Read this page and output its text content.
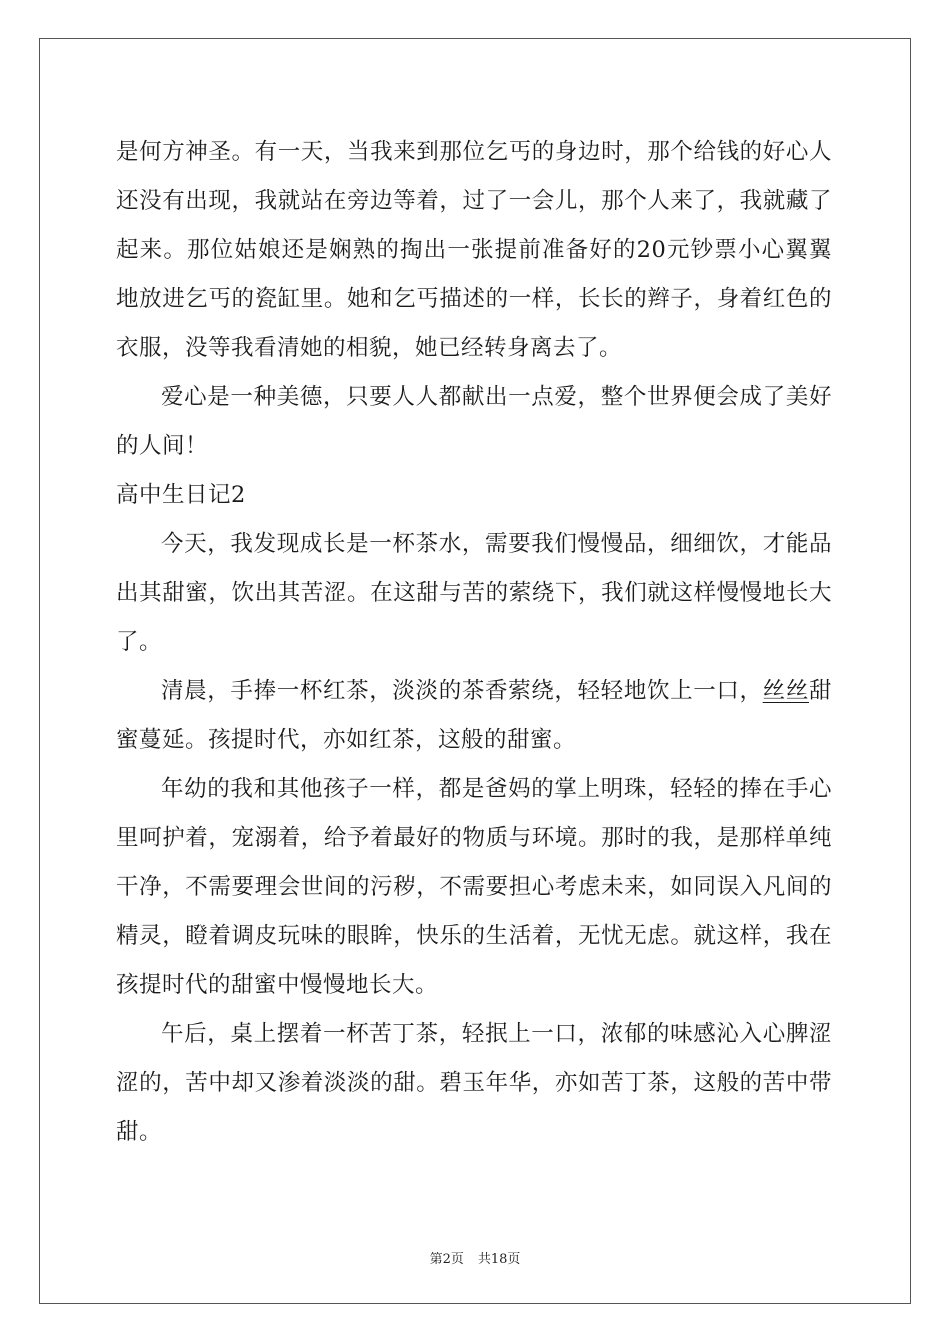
是何方神圣。有一天，当我来到那位乞丐的身边时，那个给钱的好心人还没有出现，我就站在旁边等着，过了一会儿，那个人来了，我就藏了起来。那位姑娘还是娴熟的掏出一张提前准备好的20元钞票小心翼翼地放进乞丐的瓷缸里。她和乞丐描述的一样，长长的辫子，身着红色的衣服，没等我看清她的相貌，她已经转身离去了。

爱心是一种美德，只要人人都献出一点爱，整个世界便会成了美好的人间！

高中生日记2

今天，我发现成长是一杯茶水，需要我们慢慢品，细细饮，才能品出其甜蜜，饮出其苦涩。在这甜与苦的萦绕下，我们就这样慢慢地长大了。

清晨，手捧一杯红茶，淡淡的茶香萦绕，轻轻地饮上一口，丝丝甜蜜蔓延。孩提时代，亦如红茶，这般的甜蜜。

年幼的我和其他孩子一样，都是爸妈的掌上明珠，轻轻的捧在手心里呵护着，宠溺着，给予着最好的物质与环境。那时的我，是那样单纯干净，不需要理会世间的污秽，不需要担心考虑未来，如同误入凡间的精灵，瞪着调皮玩味的眼眸，快乐的生活着，无忧无虑。就这样，我在孩提时代的甜蜜中慢慢地长大。

午后，桌上摆着一杯苦丁茶，轻抿上一口，浓郁的味感沁入心脾涩涩的，苦中却又渗着淡淡的甜。碧玉年华，亦如苦丁茶，这般的苦中带甜。

第2页 共18页
